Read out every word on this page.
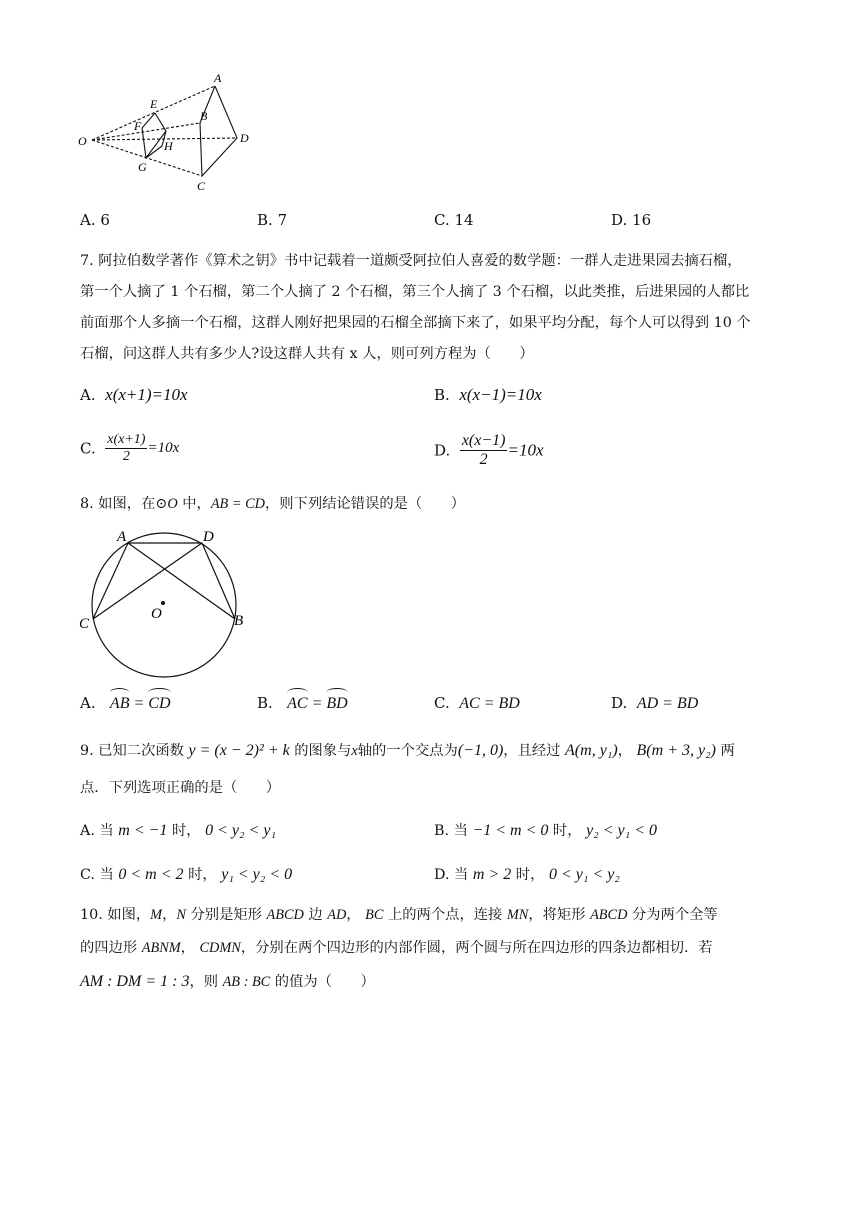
A
B
C
D
E
F
G
H
O
A. 6	B. 7	C. 14	D. 16
7. 阿拉伯数学著作《算术之钥》书中记载着一道颇受阿拉伯人喜爱的数学题：一群人走进果园去摘石榴，
第一个人摘了 1 个石榴，第二个人摘了 2 个石榴，第三个人摘了 3 个石榴，以此类推，后进果园的人都比
前面那个人多摘一个石榴，这群人刚好把果园的石榴全部摘下来了，如果平均分配，每个人可以得到 10 个
石榴，问这群人共有多少人?设这群人共有 x 人，则可列方程为（　　）
A. x(x+1)=10x	B. x(x−1)=10x
C. $\frac{x(x+1)}{2} =10x$	D. $\frac{x(x-1)}{2} =10x$
8. 如图，在⊙O 中，AB = CD，则下列结论错误的是（　　）
A	D
C	B
O
A. AB =
CD	B. AC =
BD	C. AC = BD	D. AD = BD
9. 已知二次函数 y = (x − 2)² + k 的图象与x轴的一个交点为(−1, 0)，且经过 A(m, y₁)， B(m + 3, y₂) 两
点．下列选项正确的是（　　）
A. 当 m < −1 时， 0 < y₂ < y₁	B. 当 −1 < m < 0 时， y₂ < y₁ < 0
C. 当 0 < m < 2 时， y₁ < y₂ < 0	D. 当 m > 2 时， 0 < y₁ < y₂
10. 如图，M，N 分别是矩形 ABCD 边 AD， BC 上的两个点，连接 MN，将矩形 ABCD 分为两个全等
的四边形 ABNM， CDMN，分别在两个四边形的内部作圆，两个圆与所在四边形的四条边都相切．若
AM : DM = 1 : 3，则 AB : BC 的值为（　　）
